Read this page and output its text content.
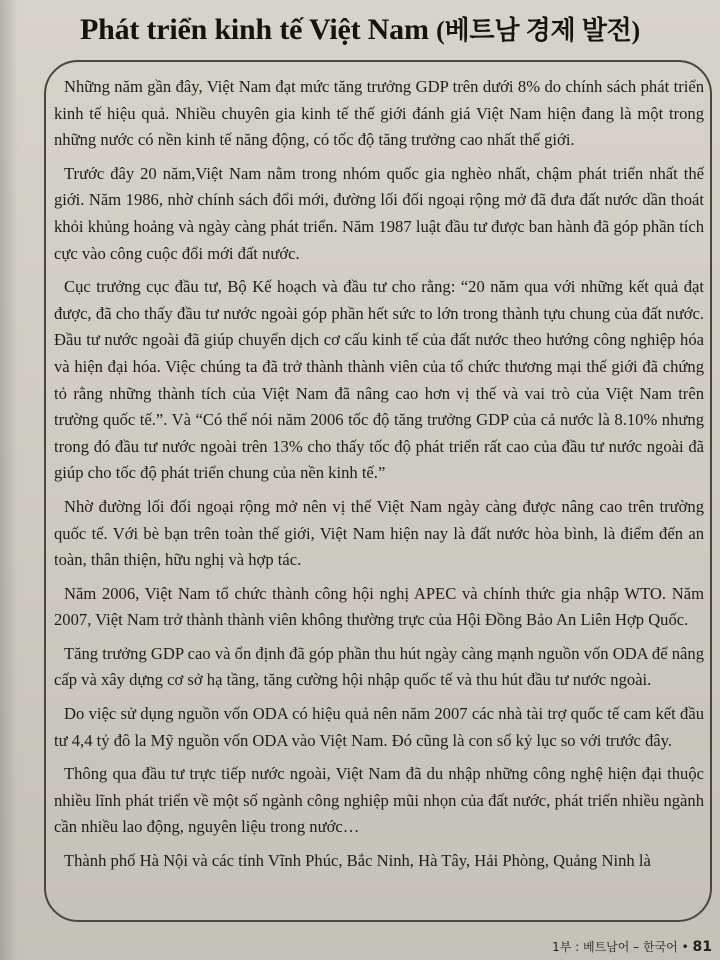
Phát triển kinh tế Việt Nam (베트남 경제 발전)

Những năm gần đây, Việt Nam đạt mức tăng trưởng GDP trên dưới 8% do chính sách phát triển kinh tế hiệu quả. Nhiều chuyên gia kinh tế thế giới đánh giá Việt Nam hiện đang là một trong những nước có nền kinh tế năng động, có tốc độ tăng trưởng cao nhất thế giới.

Trước đây 20 năm,Việt Nam nằm trong nhóm quốc gia nghèo nhất, chậm phát triển nhất thế giới. Năm 1986, nhờ chính sách đổi mới, đường lối đối ngoại rộng mở đã đưa đất nước dần thoát khỏi khủng hoảng và ngày càng phát triển. Năm 1987 luật đầu tư được ban hành đã góp phần tích cực vào công cuộc đổi mới đất nước.

Cục trưởng cục đầu tư, Bộ Kế hoạch và đầu tư cho rằng: “20 năm qua với những kết quả đạt được, đã cho thấy đầu tư nước ngoài góp phần hết sức to lớn trong thành tựu chung của đất nước. Đầu tư nước ngoài đã giúp chuyển dịch cơ cấu kinh tế của đất nước theo hướng công nghiệp hóa và hiện đại hóa. Việc chúng ta đã trở thành thành viên của tổ chức thương mại thế giới đã chứng tỏ rằng những thành tích của Việt Nam đã nâng cao hơn vị thế và vai trò của Việt Nam trên trường quốc tế.”. Và “Có thể nói năm 2006 tốc độ tăng trưởng GDP của cả nước là 8.10% nhưng trong đó đầu tư nước ngoài trên 13% cho thấy tốc độ phát triển rất cao của đầu tư nước ngoài đã giúp cho tốc độ phát triển chung của nền kinh tế.”

Nhờ đường lối đối ngoại rộng mở nên vị thế Việt Nam ngày càng được nâng cao trên trường quốc tế. Với bè bạn trên toàn thế giới, Việt Nam hiện nay là đất nước hòa bình, là điểm đến an toàn, thân thiện, hữu nghị và hợp tác.

Năm 2006, Việt Nam tổ chức thành công hội nghị APEC và chính thức gia nhập WTO. Năm 2007, Việt Nam trở thành thành viên không thường trực của Hội Đồng Bảo An Liên Hợp Quốc.

Tăng trưởng GDP cao và ổn định đã góp phần thu hút ngày càng mạnh nguồn vốn ODA để nâng cấp và xây dựng cơ sở hạ tầng, tăng cường hội nhập quốc tế và thu hút đầu tư nước ngoài.

Do việc sử dụng nguồn vốn ODA có hiệu quả nên năm 2007 các nhà tài trợ quốc tế cam kết đầu tư 4,4 tỷ đô la Mỹ nguồn vốn ODA vào Việt Nam. Đó cũng là con số kỷ lục so với trước đây.

Thông qua đầu tư trực tiếp nước ngoài, Việt Nam đã du nhập những công nghệ hiện đại thuộc nhiều lĩnh phát triển về một số ngành công nghiệp mũi nhọn của đất nước, phát triển nhiều ngành cần nhiều lao động, nguyên liệu trong nước…

Thành phố Hà Nội và các tỉnh Vĩnh Phúc, Bắc Ninh, Hà Tây, Hải Phòng, Quảng Ninh là

1부 : 베트남어 – 한국어 • 81
